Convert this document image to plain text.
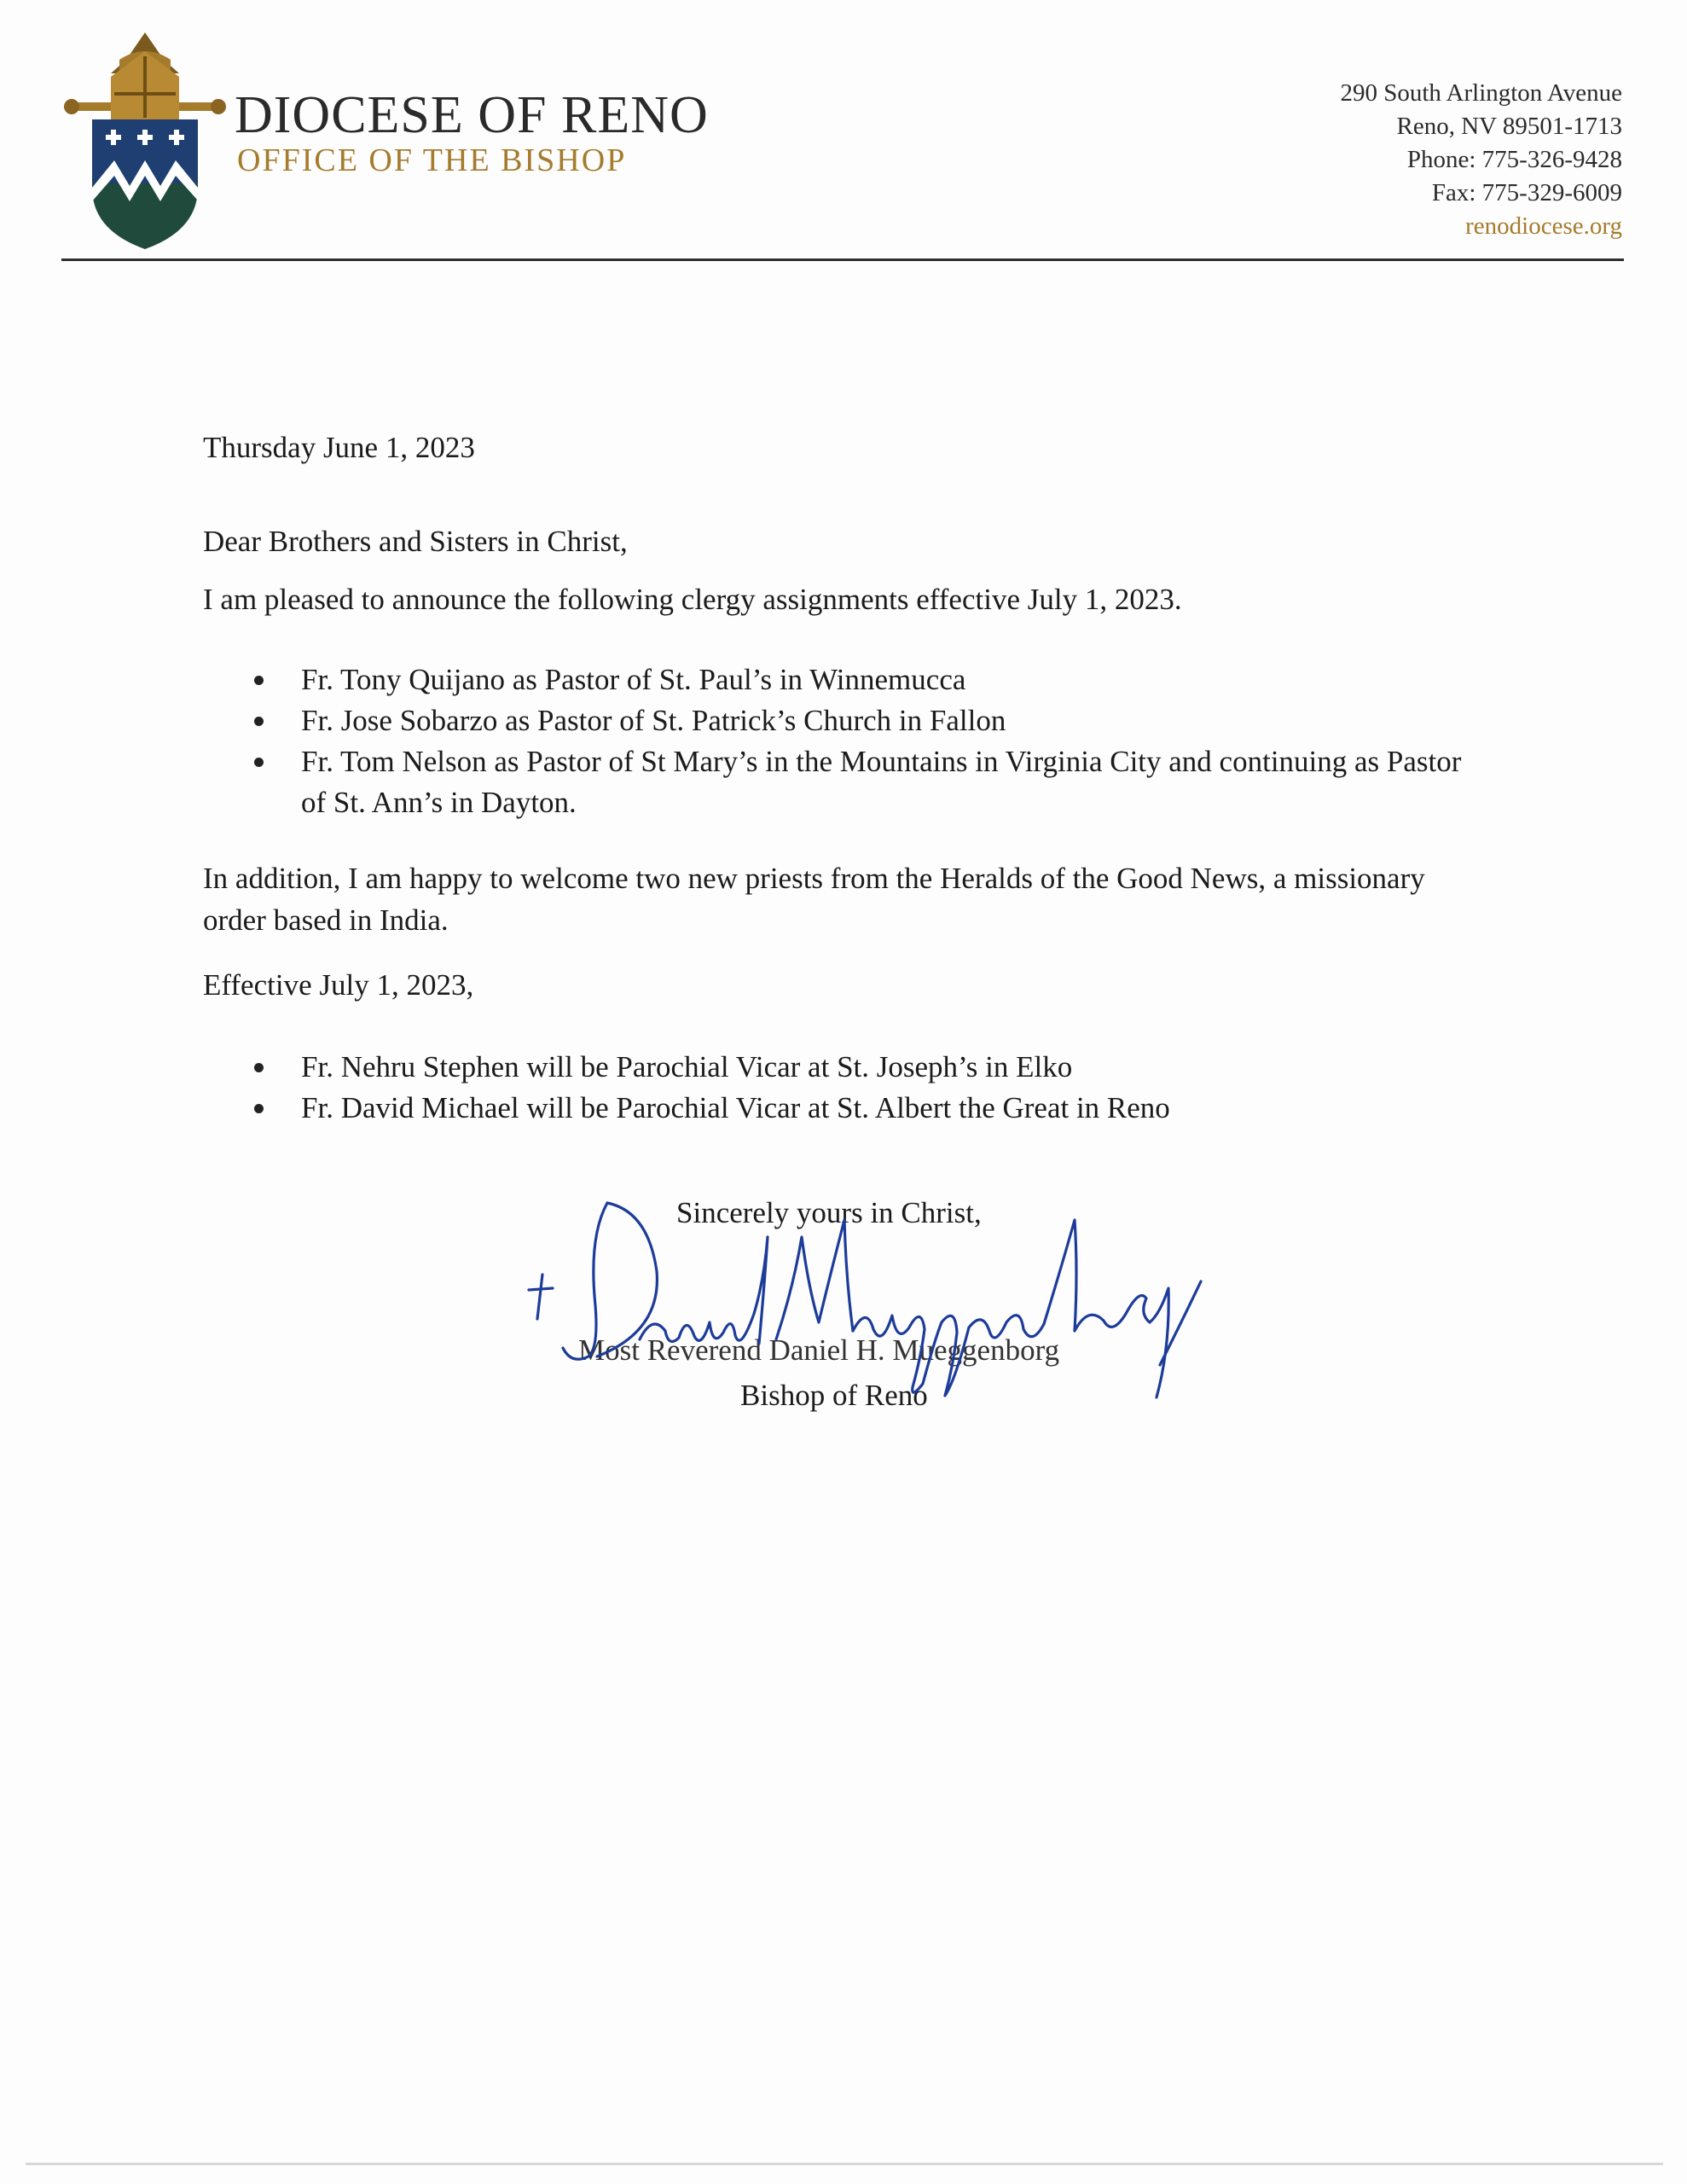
DIOCESE OF RENO
OFFICE OF THE BISHOP
290 South Arlington Avenue
Reno, NV 89501-1713
Phone: 775-326-9428
Fax: 775-329-6009
renodiocese.org
Thursday June 1, 2023
Dear Brothers and Sisters in Christ,
I am pleased to announce the following clergy assignments effective July 1, 2023.
Fr. Tony Quijano as Pastor of St. Paul’s in Winnemucca
Fr. Jose Sobarzo as Pastor of St. Patrick’s Church in Fallon
Fr. Tom Nelson as Pastor of St Mary’s in the Mountains in Virginia City and continuing as Pastor of St. Ann’s in Dayton.
In addition, I am happy to welcome two new priests from the Heralds of the Good News, a missionary order based in India.
Effective July 1, 2023,
Fr. Nehru Stephen will be Parochial Vicar at St. Joseph’s in Elko
Fr. David Michael will be Parochial Vicar at St. Albert the Great in Reno
Sincerely yours in Christ,
Most Reverend Daniel H. Mueggenborg
Bishop of Reno
